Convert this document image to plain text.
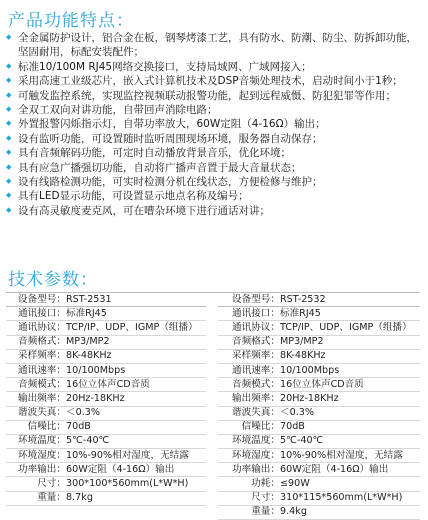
产品功能特点：
◆ 全金属防护设计，铝合金在板，钢琴烤漆工艺，具有防水、防潮、防尘、防拆卸功能，坚固耐用，标配安装配件；
◆ 标准10/100M RJ45网络交换接口，支持局域网、广域网接入；
◆ 采用高速工业级芯片，嵌入式计算机技术及DSP音频处理技术，启动时间小于1秒；
◆ 可触发监控系统，实现监控视频联动报警功能，起到远程威慑、防犯犯罪等作用；
◆ 全双工双向对讲功能，自带回声消除电路；
◆ 外置报警闪烁指示灯，自带功率放大，60W定阻（4-16Ω）输出；
◆ 设有监听功能，可设置随时监听周围现场环境，服务器自动保存；
◆ 具有音频解码功能，可定时自动播放背景音乐，优化环境；
◆ 具有应急广播强切功能，自动将广播声音置于最大音量状态；
◆ 设有线路检测功能，可实时检测分机在线状态，方便检修与维护；
◆ 具有LED显示功能，可设置显示地点名称及编号；
◆ 设有高灵敏度麦克风，可在嘈杂环境下进行通话对讲；
技术参数：
设备型号：	RST-2531		设备型号：	RST-2532
通讯接口：	标准RJ45		通讯接口：	标准RJ45
通讯协议：	TCP/IP、UDP、IGMP（组播）		通讯协议：	TCP/IP、UDP、IGMP（组播）
音频格式：	MP3/MP2		音频格式：	MP3/MP2
采样频率：	8K-48KHz		采样频率：	8K-48KHz
通讯速率：	10/100Mbps		通讯速率：	10/100Mbps
音频模式：	16位立体声CD音质		音频模式：	16位立体声CD音质
输出频率：	20Hz-18KHz		输出频率：	20Hz-18KHz
谐波失真：	＜0.3%		谐波失真：	＜0.3%
信噪比：	70dB		信噪比：	70dB
环境温度：	5℃-40℃		环境温度：	5℃-40℃
环境湿度：	10%-90%相对湿度，无结露		环境湿度：	10%-90%相对湿度，无结露
功率输出：	60W定阻（4-16Ω）输出		功率输出：	60W定阻（4-16Ω）输出
尺寸：	300*100*560mm(L*W*H)		功耗：	≤90W
重量：	8.7kg		尺寸：	310*115*560mm(L*W*H)
			重量：	9.4kg
